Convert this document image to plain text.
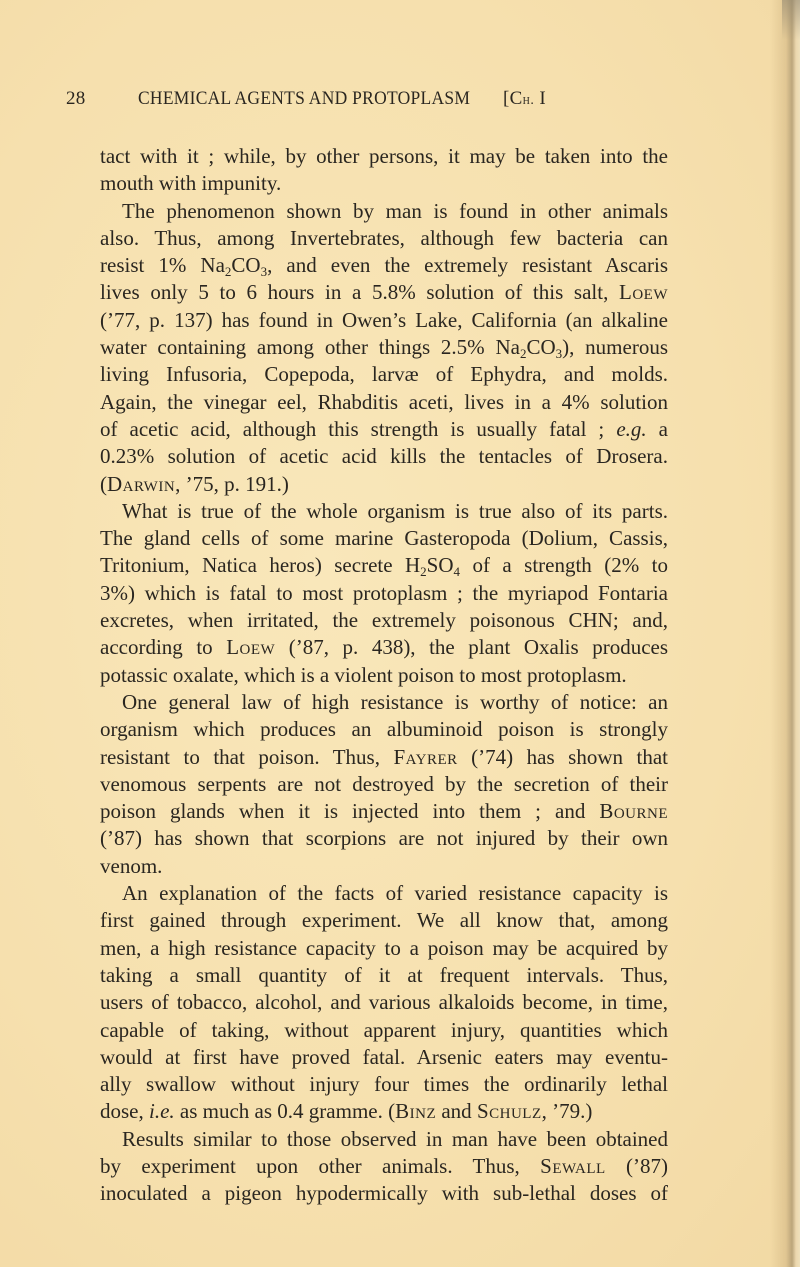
28	CHEMICAL AGENTS AND PROTOPLASM [Ch. I
tact with it ; while, by other persons, it may be taken into the
mouth with impunity.
The phenomenon shown by man is found in other animals
also. Thus, among Invertebrates, although few bacteria can
resist 1% $Na_2CO_3$, and even the extremely resistant Ascaris
lives only 5 to 6 hours in a 5.8% solution of this salt, Loew
(’77, p. 137) has found in Owen’s Lake, California (an alkaline
water containing among other things 2.5% $Na_2CO_3$), numerous
living Infusoria, Copepoda, larvæ of Ephydra, and molds.
Again, the vinegar eel, Rhabditis aceti, lives in a 4% solution
of acetic acid, although this strength is usually fatal ; e.g. a
0.23% solution of acetic acid kills the tentacles of Drosera.
(Darwin, ’75, p. 191.)
What is true of the whole organism is true also of its parts.
The gland cells of some marine Gasteropoda (Dolium, Cassis,
Tritonium, Natica heros) secrete $H_2SO_4$ of a strength (2% to
3%) which is fatal to most protoplasm ; the myriapod Fontaria
excretes, when irritated, the extremely poisonous CHN; and,
according to Loew (’87, p. 438), the plant Oxalis produces
potassic oxalate, which is a violent poison to most protoplasm.
One general law of high resistance is worthy of notice: an
organism which produces an albuminoid poison is strongly
resistant to that poison. Thus, Fayrer (’74) has shown that
venomous serpents are not destroyed by the secretion of their
poison glands when it is injected into them ; and Bourne
(’87) has shown that scorpions are not injured by their own
venom.
An explanation of the facts of varied resistance capacity is
first gained through experiment. We all know that, among
men, a high resistance capacity to a poison may be acquired by
taking a small quantity of it at frequent intervals. Thus,
users of tobacco, alcohol, and various alkaloids become, in time,
capable of taking, without apparent injury, quantities which
would at first have proved fatal. Arsenic eaters may eventu-
ally swallow without injury four times the ordinarily lethal
dose, i.e. as much as 0.4 gramme. (Binz and Schulz, ’79.)
Results similar to those observed in man have been obtained
by experiment upon other animals. Thus, Sewall (’87)
inoculated a pigeon hypodermically with sub-lethal doses of
